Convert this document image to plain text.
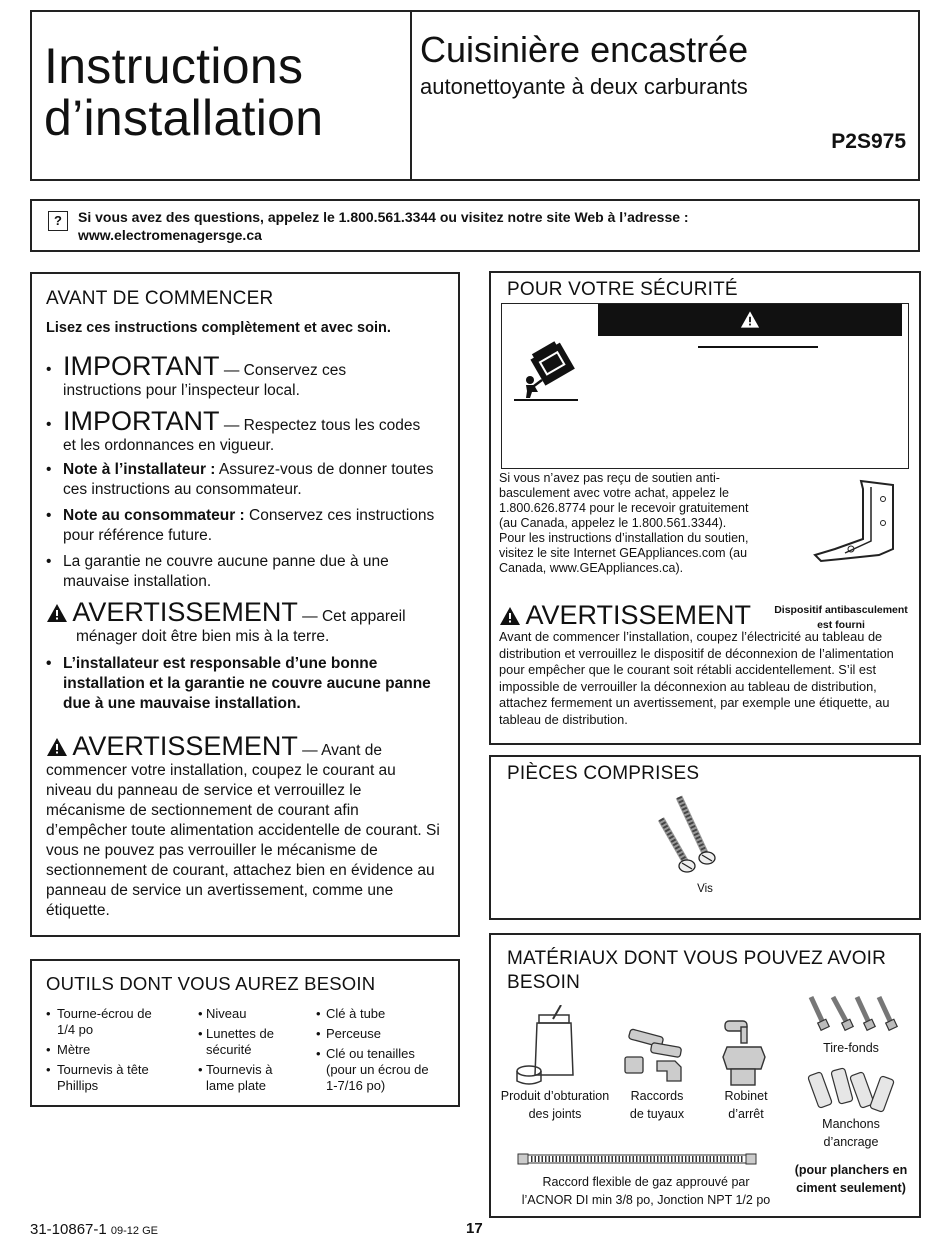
Instructions
d’installation
Cuisinière encastrée
autonettoyante à deux carburants
P2S975
?	Si vous avez des questions, appelez le 1.800.561.3344 ou visitez notre site Web à l’adresse :
www.electromenagersge.ca
AVANT DE COMMENCER
Lisez ces instructions complètement et avec soin.
• IMPORTANT — Conservez ces
instructions pour l’inspecteur local.
• IMPORTANT — Respectez tous les codes
et les ordonnances en vigueur.
• Note à l’installateur : Assurez-vous de donner toutes ces instructions au consommateur.
• Note au consommateur : Conservez ces instructions pour référence future.
• La garantie ne couvre aucune panne due à une mauvaise installation.
AVERTISSEMENT — Cet appareil
ménager doit être bien mis à la terre.
• L’installateur est responsable d’une bonne installation et la garantie ne couvre aucune panne due à une mauvaise installation.
AVERTISSEMENT — Avant de
commencer votre installation, coupez le courant au niveau du panneau de service et verrouillez le mécanisme de sectionnement de courant afin d’empêcher toute alimentation accidentelle de courant. Si vous ne pouvez pas verrouiller le mécanisme de sectionnement de courant, attachez bien en évidence au panneau de service un avertissement, comme une étiquette.
OUTILS DONT VOUS AUREZ BESOIN
• Tourne-écrou de 1/4 po
• Mètre
• Tournevis à tête Phillips
• Niveau
• Lunettes de sécurité
• Tournevis à lame plate
• Clé à tube
• Perceuse
• Clé ou tenailles (pour un écrou de 1-7/16 po)
POUR VOTRE SÉCURITÉ
Si vous n’avez pas reçu de soutien anti-basculement avec votre achat, appelez le 1.800.626.8774 pour le recevoir gratuitement (au Canada, appelez le 1.800.561.3344). Pour les instructions d’installation du soutien, visitez le site Internet GEAppliances.com (au Canada, www.GEAppliances.ca).
Dispositif antibasculement
est fourni
AVERTISSEMENT
Avant de commencer l’installation, coupez l’électricité au tableau de distribution et verrouillez le dispositif de déconnexion de l’alimentation pour empêcher que le courant soit rétabli accidentellement. S’il est impossible de verrouiller la déconnexion au tableau de distribution, attachez fermement un avertissement, par exemple une étiquette, au tableau de distribution.
PIÈCES COMPRISES
Vis
MATÉRIAUX DONT VOUS POUVEZ AVOIR
BESOIN
Produit d’obturation
des joints
Raccords
de tuyaux
Robinet
d’arrêt
Tire-fonds
Manchons
d’ancrage
Raccord flexible de gaz approuvé par
l’ACNOR DI min 3/8 po, Jonction NPT 1/2 po
(pour planchers en
ciment seulement)
31-10867-1 09-12 GE	17
